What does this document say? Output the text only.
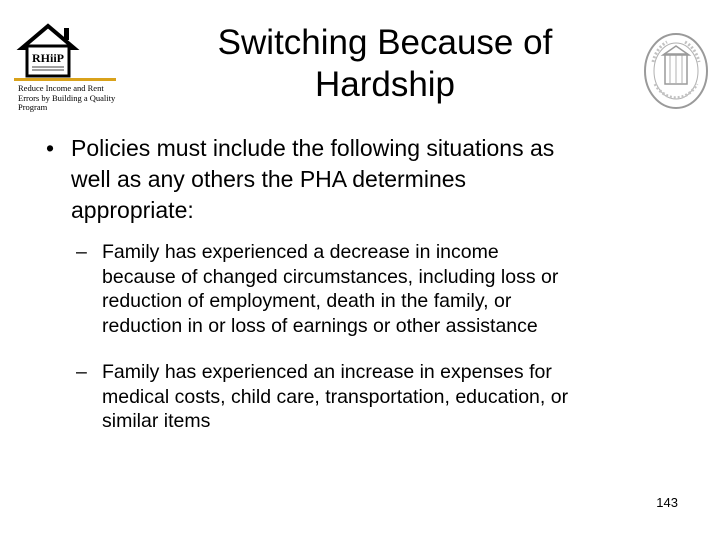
RHiiP
Reduce Income and Rent
Errors by Building a Quality
Program
Switching Because of
Hardship
• Policies must include the following situations as
well as any others the PHA determines
appropriate:
– Family has experienced a decrease in income
because of changed circumstances, including loss or
reduction of employment, death in the family, or
reduction in or loss of earnings or other assistance
– Family has experienced an increase in expenses for
medical costs, child care, transportation, education, or
similar items
143
